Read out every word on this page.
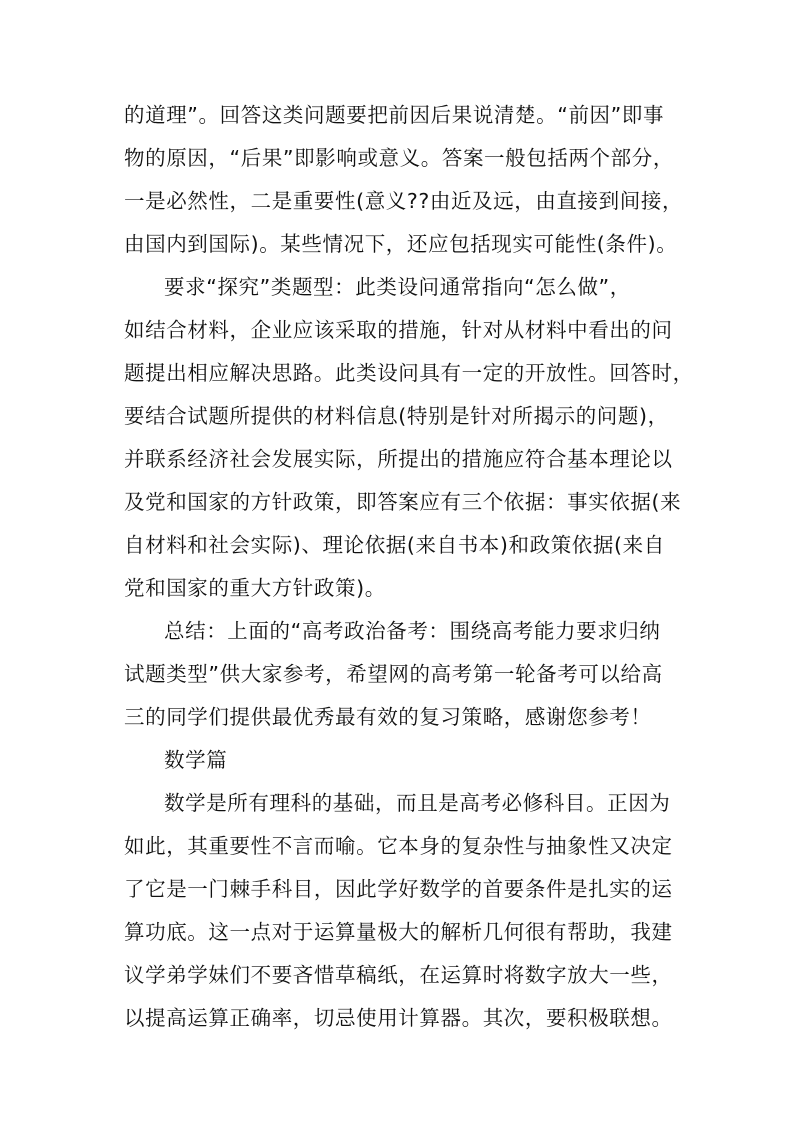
的道理”。回答这类问题要把前因后果说清楚。“前因”即事
物的原因，“后果”即影响或意义。答案一般包括两个部分，
一是必然性，二是重要性(意义??由近及远，由直接到间接，
由国内到国际)。某些情况下，还应包括现实可能性(条件)。
要求“探究”类题型：此类设问通常指向“怎么做”，
如结合材料，企业应该采取的措施，针对从材料中看出的问
题提出相应解决思路。此类设问具有一定的开放性。回答时，
要结合试题所提供的材料信息(特别是针对所揭示的问题)，
并联系经济社会发展实际，所提出的措施应符合基本理论以
及党和国家的方针政策，即答案应有三个依据：事实依据(来
自材料和社会实际)、理论依据(来自书本)和政策依据(来自
党和国家的重大方针政策)。
总结：上面的“高考政治备考：围绕高考能力要求归纳
试题类型”供大家参考，希望网的高考第一轮备考可以给高
三的同学们提供最优秀最有效的复习策略，感谢您参考！
数学篇
数学是所有理科的基础，而且是高考必修科目。正因为
如此，其重要性不言而喻。它本身的复杂性与抽象性又决定
了它是一门棘手科目，因此学好数学的首要条件是扎实的运
算功底。这一点对于运算量极大的解析几何很有帮助，我建
议学弟学妹们不要吝惜草稿纸，在运算时将数字放大一些，
以提高运算正确率，切忌使用计算器。其次，要积极联想。
